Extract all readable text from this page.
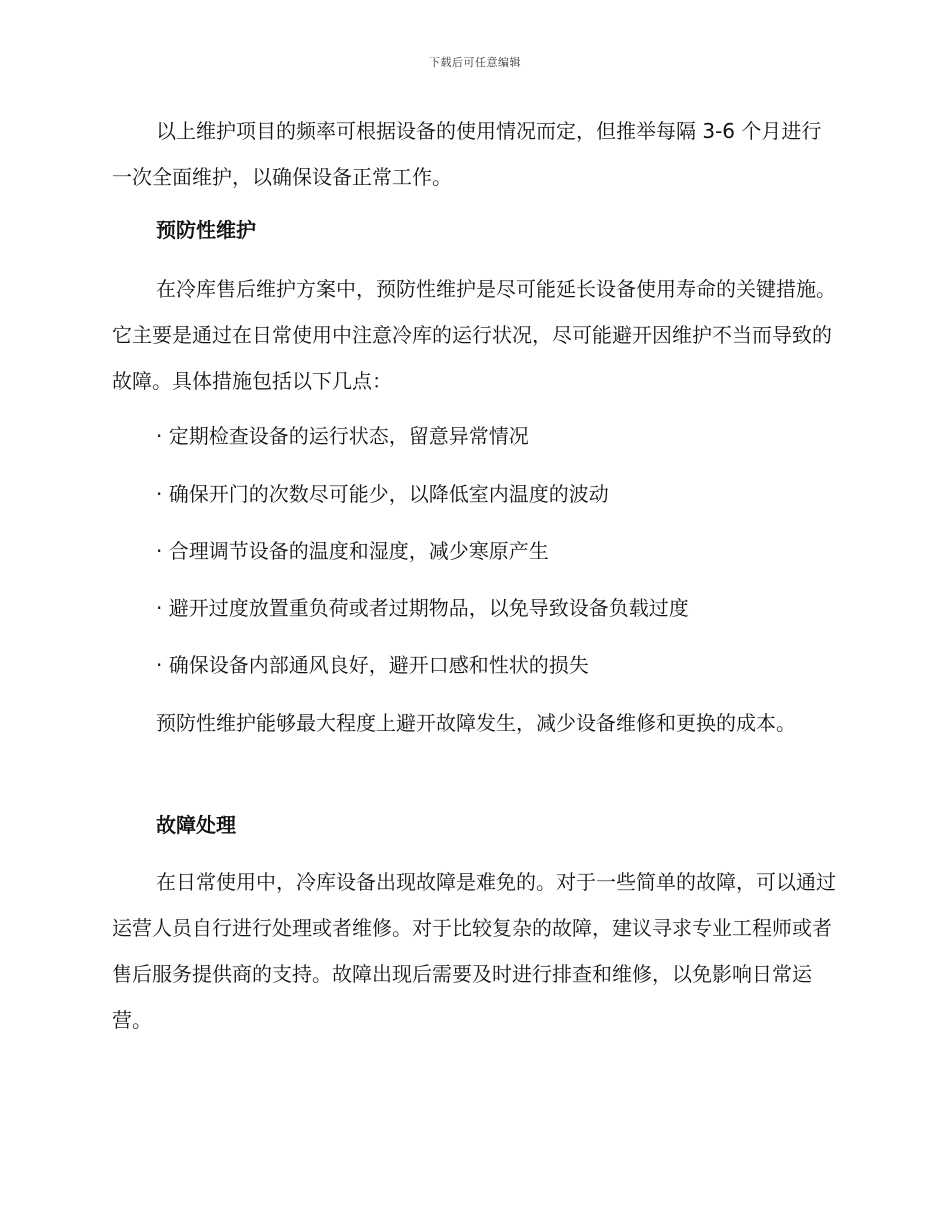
下载后可任意编辑

以上维护项目的频率可根据设备的使用情况而定，但推举每隔 3-6 个月进行一次全面维护，以确保设备正常工作。

预防性维护

在冷库售后维护方案中，预防性维护是尽可能延长设备使用寿命的关键措施。它主要是通过在日常使用中注意冷库的运行状况，尽可能避开因维护不当而导致的故障。具体措施包括以下几点：

· 定期检查设备的运行状态，留意异常情况

· 确保开门的次数尽可能少，以降低室内温度的波动

· 合理调节设备的温度和湿度，减少寒原产生

· 避开过度放置重负荷或者过期物品，以免导致设备负载过度

· 确保设备内部通风良好，避开口感和性状的损失

预防性维护能够最大程度上避开故障发生，减少设备维修和更换的成本。

故障处理

在日常使用中，冷库设备出现故障是难免的。对于一些简单的故障，可以通过运营人员自行进行处理或者维修。对于比较复杂的故障，建议寻求专业工程师或者售后服务提供商的支持。故障出现后需要及时进行排查和维修，以免影响日常运营。
